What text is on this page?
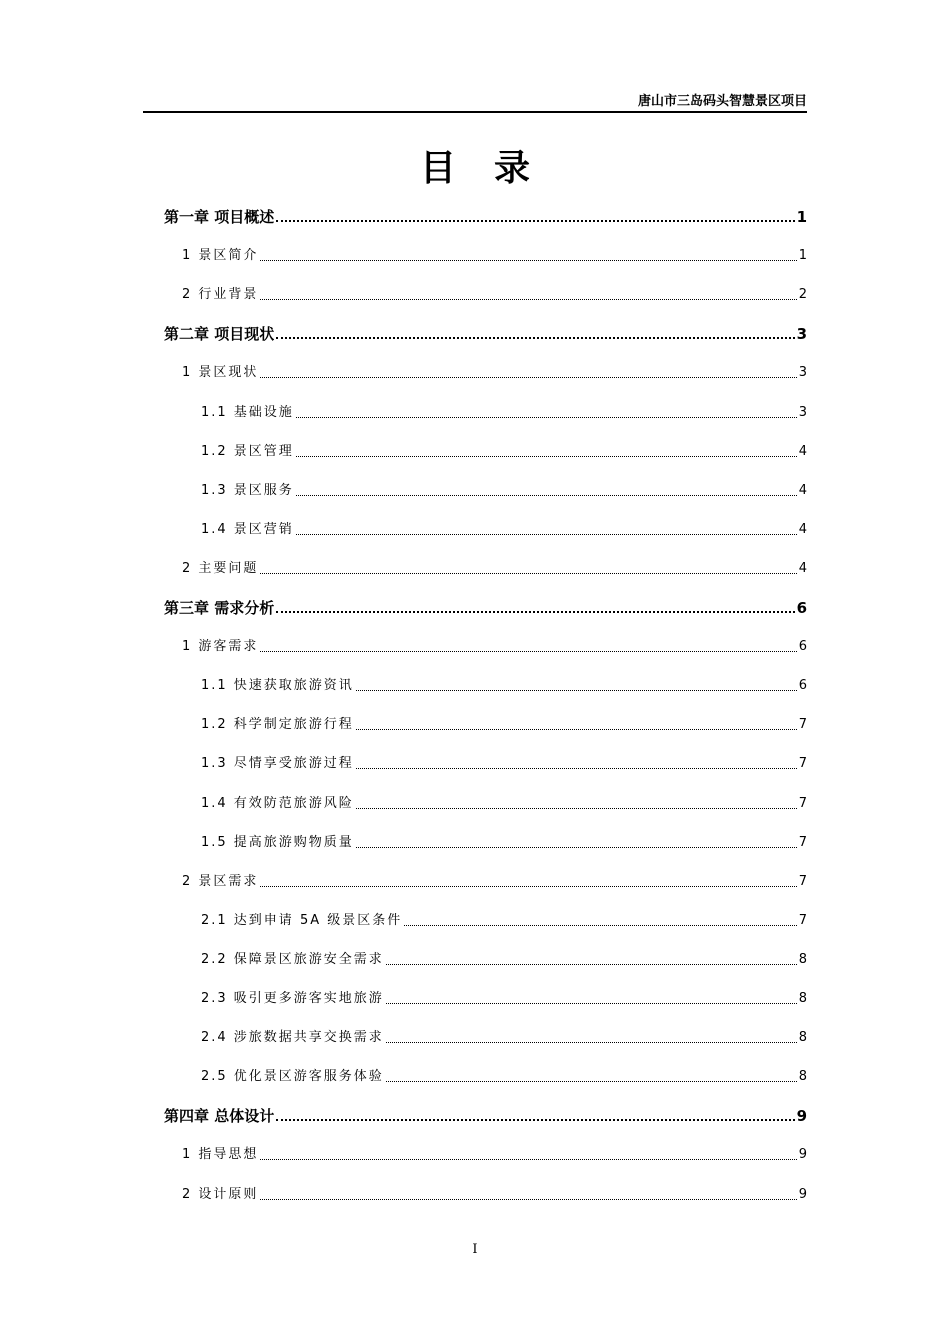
唐山市三岛码头智慧景区项目
目录
第一章 项目概述	1
1 景区简介	1
2 行业背景	2
第二章 项目现状	3
1 景区现状	3
1.1 基础设施	3
1.2 景区管理	4
1.3 景区服务	4
1.4 景区营销	4
2 主要问题	4
第三章 需求分析	6
1 游客需求	6
1.1 快速获取旅游资讯	6
1.2 科学制定旅游行程	7
1.3 尽情享受旅游过程	7
1.4 有效防范旅游风险	7
1.5 提高旅游购物质量	7
2 景区需求	7
2.1 达到申请 5A 级景区条件	7
2.2 保障景区旅游安全需求	8
2.3 吸引更多游客实地旅游	8
2.4 涉旅数据共享交换需求	8
2.5 优化景区游客服务体验	8
第四章 总体设计	9
1 指导思想	9
2 设计原则	9
I
